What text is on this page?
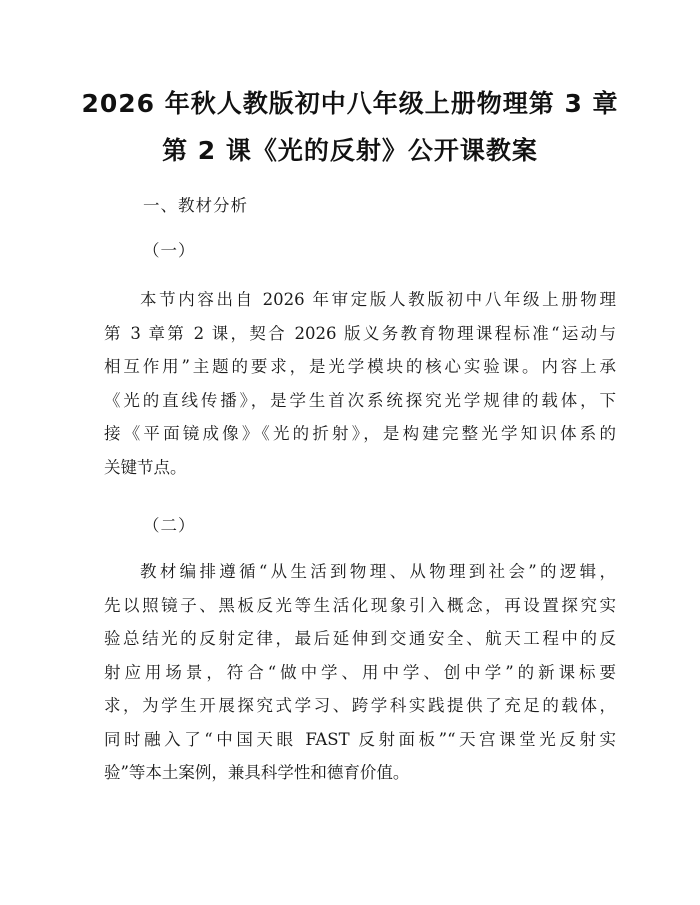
2026 年秋人教版初中八年级上册物理第 3 章
第 2 课《光的反射》公开课教案
一、教材分析
（一）
本节内容出自 2026 年审定版人教版初中八年级上册物理
第 3 章第 2 课，契合 2026 版义务教育物理课程标准“运动与
相互作用”主题的要求，是光学模块的核心实验课。内容上承
《光的直线传播》，是学生首次系统探究光学规律的载体，下
接《平面镜成像》《光的折射》，是构建完整光学知识体系的
关键节点。
（二）
教材编排遵循“从生活到物理、从物理到社会”的逻辑，
先以照镜子、黑板反光等生活化现象引入概念，再设置探究实
验总结光的反射定律，最后延伸到交通安全、航天工程中的反
射应用场景，符合“做中学、用中学、创中学”的新课标要
求，为学生开展探究式学习、跨学科实践提供了充足的载体，
同时融入了“中国天眼 FAST 反射面板”“天宫课堂光反射实
验”等本土案例，兼具科学性和德育价值。
